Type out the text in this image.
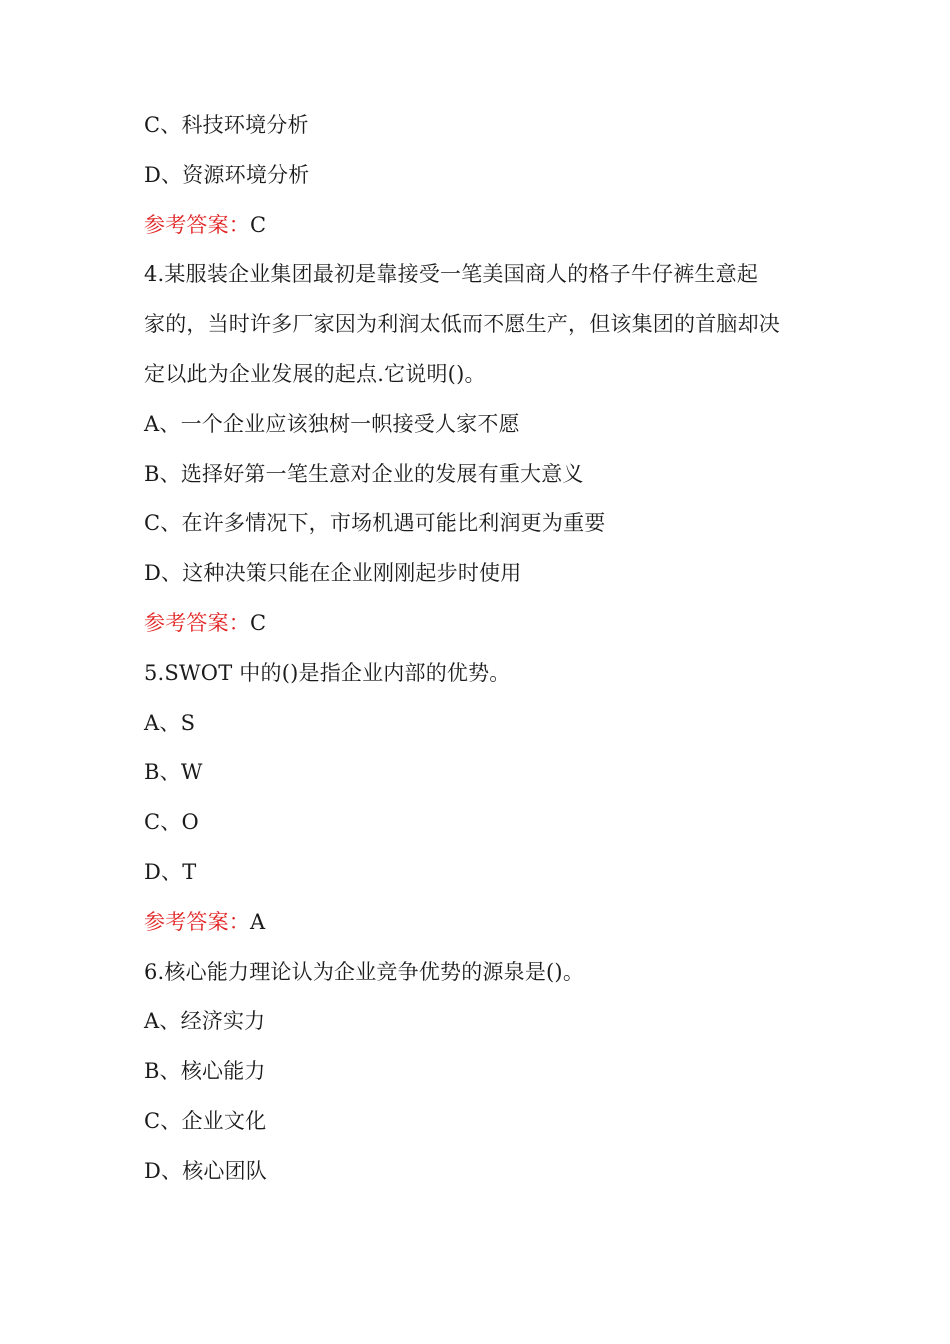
C、科技环境分析
D、资源环境分析
参考答案：C
4.某服装企业集团最初是靠接受一笔美国商人的格子牛仔裤生意起
家的，当时许多厂家因为利润太低而不愿生产，但该集团的首脑却决
定以此为企业发展的起点.它说明()。
A、一个企业应该独树一帜接受人家不愿
B、选择好第一笔生意对企业的发展有重大意义
C、在许多情况下，市场机遇可能比利润更为重要
D、这种决策只能在企业刚刚起步时使用
参考答案：C
5.SWOT 中的()是指企业内部的优势。
A、S
B、W
C、O
D、T
参考答案：A
6.核心能力理论认为企业竞争优势的源泉是()。
A、经济实力
B、核心能力
C、企业文化
D、核心团队
